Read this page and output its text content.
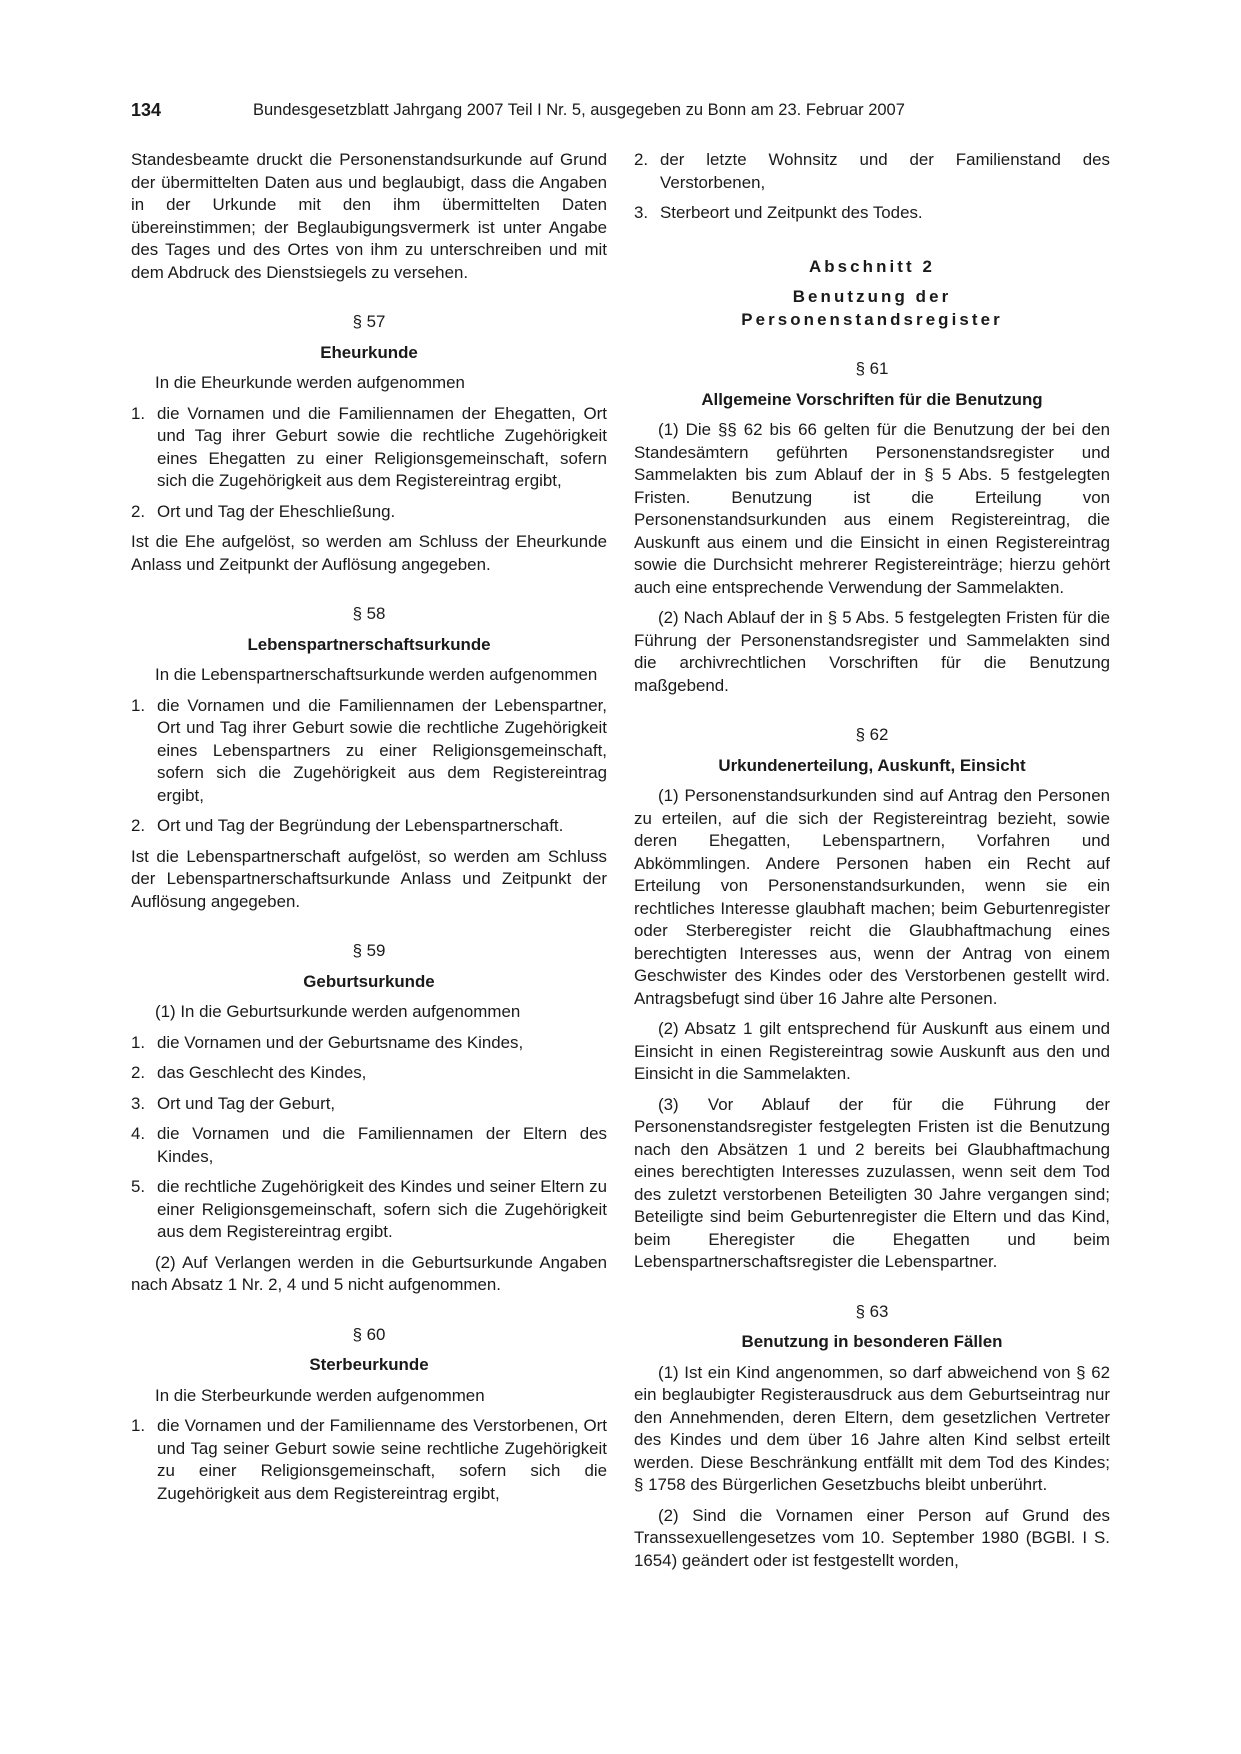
134	Bundesgesetzblatt Jahrgang 2007 Teil I Nr. 5, ausgegeben zu Bonn am 23. Februar 2007

Standesbeamte druckt die Personenstandsurkunde auf Grund der übermittelten Daten aus und beglaubigt, dass die Angaben in der Urkunde mit den ihm übermittelten Daten übereinstimmen; der Beglaubigungsvermerk ist unter Angabe des Tages und des Ortes von ihm zu unterschreiben und mit dem Abdruck des Dienstsiegels zu versehen.

§ 57
Eheurkunde

In die Eheurkunde werden aufgenommen

1. die Vornamen und die Familiennamen der Ehegatten, Ort und Tag ihrer Geburt sowie die rechtliche Zugehörigkeit eines Ehegatten zu einer Religionsgemeinschaft, sofern sich die Zugehörigkeit aus dem Registereintrag ergibt,
2. Ort und Tag der Eheschließung.

Ist die Ehe aufgelöst, so werden am Schluss der Eheurkunde Anlass und Zeitpunkt der Auflösung angegeben.

§ 58
Lebenspartnerschaftsurkunde

In die Lebenspartnerschaftsurkunde werden aufgenommen

1. die Vornamen und die Familiennamen der Lebenspartner, Ort und Tag ihrer Geburt sowie die rechtliche Zugehörigkeit eines Lebenspartners zu einer Religionsgemeinschaft, sofern sich die Zugehörigkeit aus dem Registereintrag ergibt,
2. Ort und Tag der Begründung der Lebenspartnerschaft.

Ist die Lebenspartnerschaft aufgelöst, so werden am Schluss der Lebenspartnerschaftsurkunde Anlass und Zeitpunkt der Auflösung angegeben.

§ 59
Geburtsurkunde

(1) In die Geburtsurkunde werden aufgenommen

1. die Vornamen und der Geburtsname des Kindes,
2. das Geschlecht des Kindes,
3. Ort und Tag der Geburt,
4. die Vornamen und die Familiennamen der Eltern des Kindes,
5. die rechtliche Zugehörigkeit des Kindes und seiner Eltern zu einer Religionsgemeinschaft, sofern sich die Zugehörigkeit aus dem Registereintrag ergibt.

(2) Auf Verlangen werden in die Geburtsurkunde Angaben nach Absatz 1 Nr. 2, 4 und 5 nicht aufgenommen.

§ 60
Sterbeurkunde

In die Sterbeurkunde werden aufgenommen

1. die Vornamen und der Familienname des Verstorbenen, Ort und Tag seiner Geburt sowie seine rechtliche Zugehörigkeit zu einer Religionsgemeinschaft, sofern sich die Zugehörigkeit aus dem Registereintrag ergibt,
2. der letzte Wohnsitz und der Familienstand des Verstorbenen,
3. Sterbeort und Zeitpunkt des Todes.
Abschnitt 2
Benutzung der
Personenstandsregister
§ 61
Allgemeine Vorschriften für die Benutzung

(1) Die §§ 62 bis 66 gelten für die Benutzung der bei den Standesämtern geführten Personenstandsregister und Sammelakten bis zum Ablauf der in § 5 Abs. 5 festgelegten Fristen. Benutzung ist die Erteilung von Personenstandsurkunden aus einem Registereintrag, die Auskunft aus einem und die Einsicht in einen Registereintrag sowie die Durchsicht mehrerer Registereinträge; hierzu gehört auch eine entsprechende Verwendung der Sammelakten.

(2) Nach Ablauf der in § 5 Abs. 5 festgelegten Fristen für die Führung der Personenstandsregister und Sammelakten sind die archivrechtlichen Vorschriften für die Benutzung maßgebend.

§ 62
Urkundenerteilung, Auskunft, Einsicht

(1) Personenstandsurkunden sind auf Antrag den Personen zu erteilen, auf die sich der Registereintrag bezieht, sowie deren Ehegatten, Lebenspartnern, Vorfahren und Abkömmlingen. Andere Personen haben ein Recht auf Erteilung von Personenstandsurkunden, wenn sie ein rechtliches Interesse glaubhaft machen; beim Geburtenregister oder Sterberegister reicht die Glaubhaftmachung eines berechtigten Interesses aus, wenn der Antrag von einem Geschwister des Kindes oder des Verstorbenen gestellt wird. Antragsbefugt sind über 16 Jahre alte Personen.

(2) Absatz 1 gilt entsprechend für Auskunft aus einem und Einsicht in einen Registereintrag sowie Auskunft aus den und Einsicht in die Sammelakten.

(3) Vor Ablauf der für die Führung der Personenstandsregister festgelegten Fristen ist die Benutzung nach den Absätzen 1 und 2 bereits bei Glaubhaftmachung eines berechtigten Interesses zuzulassen, wenn seit dem Tod des zuletzt verstorbenen Beteiligten 30 Jahre vergangen sind; Beteiligte sind beim Geburtenregister die Eltern und das Kind, beim Eheregister die Ehegatten und beim Lebenspartnerschaftsregister die Lebenspartner.

§ 63
Benutzung in besonderen Fällen

(1) Ist ein Kind angenommen, so darf abweichend von § 62 ein beglaubigter Registerausdruck aus dem Geburtseintrag nur den Annehmenden, deren Eltern, dem gesetzlichen Vertreter des Kindes und dem über 16 Jahre alten Kind selbst erteilt werden. Diese Beschränkung entfällt mit dem Tod des Kindes; § 1758 des Bürgerlichen Gesetzbuchs bleibt unberührt.

(2) Sind die Vornamen einer Person auf Grund des Transsexuellengesetzes vom 10. September 1980 (BGBl. I S. 1654) geändert oder ist festgestellt worden,
